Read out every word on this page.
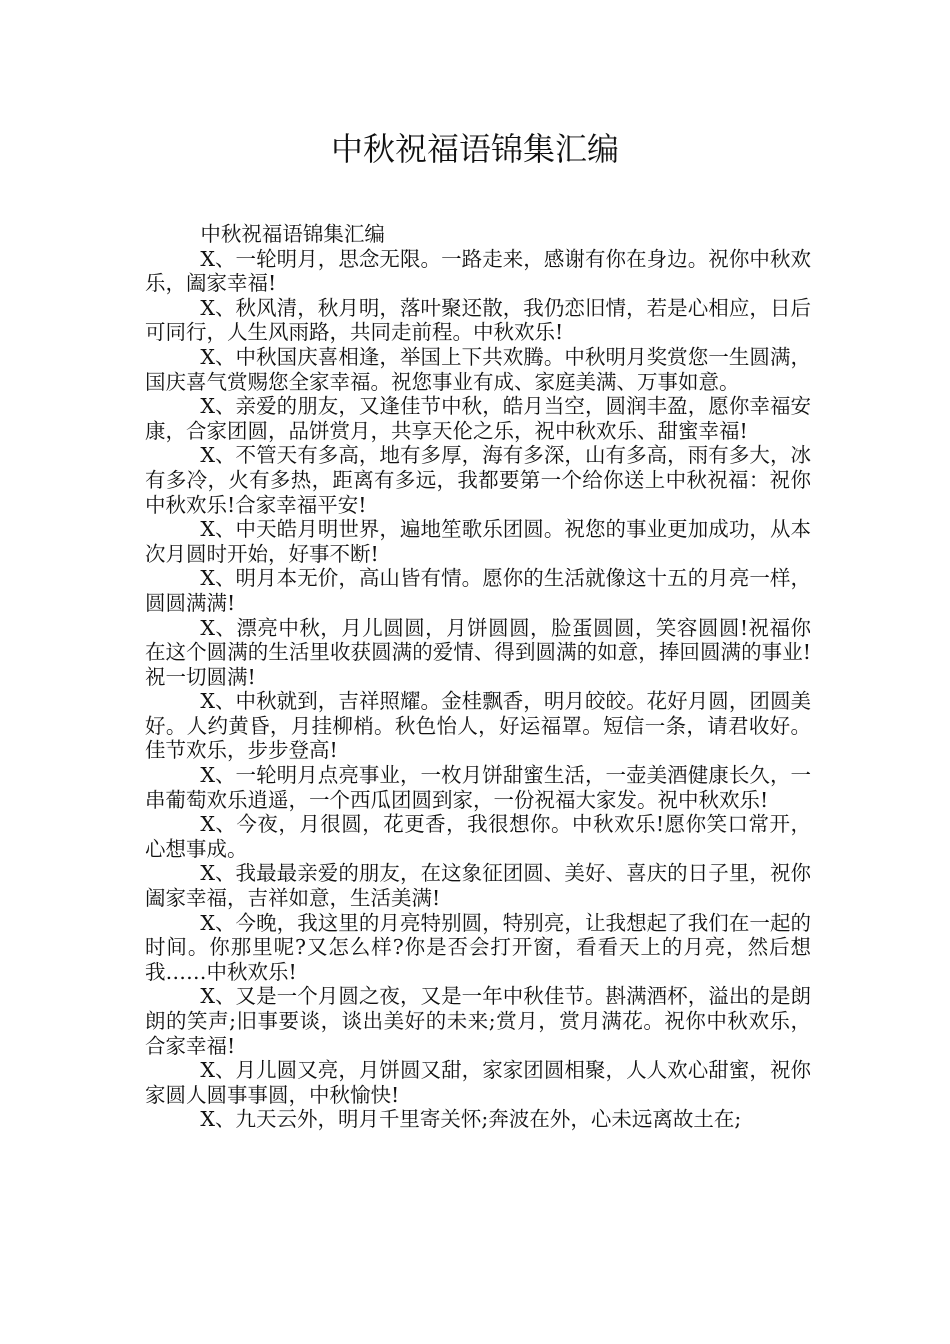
中秋祝福语锦集汇编

中秋祝福语锦集汇编

X、一轮明月，思念无限。一路走来，感谢有你在身边。祝你中秋欢乐，阖家幸福!

X、秋风清，秋月明，落叶聚还散，我仍恋旧情，若是心相应，日后可同行，人生风雨路，共同走前程。中秋欢乐!

X、中秋国庆喜相逢，举国上下共欢腾。中秋明月奖赏您一生圆满，国庆喜气赏赐您全家幸福。祝您事业有成、家庭美满、万事如意。

X、亲爱的朋友，又逢佳节中秋，皓月当空，圆润丰盈，愿你幸福安康，合家团圆，品饼赏月，共享天伦之乐，祝中秋欢乐、甜蜜幸福!

X、不管天有多高，地有多厚，海有多深，山有多高，雨有多大，冰有多冷，火有多热，距离有多远，我都要第一个给你送上中秋祝福：祝你中秋欢乐!合家幸福平安!

X、中天皓月明世界，遍地笙歌乐团圆。祝您的事业更加成功，从本次月圆时开始，好事不断!

X、明月本无价，高山皆有情。愿你的生活就像这十五的月亮一样，圆圆满满!

X、漂亮中秋，月儿圆圆，月饼圆圆，脸蛋圆圆，笑容圆圆!祝福你在这个圆满的生活里收获圆满的爱情、得到圆满的如意，捧回圆满的事业!祝一切圆满!

X、中秋就到，吉祥照耀。金桂飘香，明月皎皎。花好月圆，团圆美好。人约黄昏，月挂柳梢。秋色怡人，好运福罩。短信一条，请君收好。佳节欢乐，步步登高!

X、一轮明月点亮事业，一枚月饼甜蜜生活，一壶美酒健康长久，一串葡萄欢乐逍遥，一个西瓜团圆到家，一份祝福大家发。祝中秋欢乐!

X、今夜，月很圆，花更香，我很想你。中秋欢乐!愿你笑口常开，心想事成。

X、我最最亲爱的朋友，在这象征团圆、美好、喜庆的日子里，祝你阖家幸福，吉祥如意，生活美满!

X、今晚，我这里的月亮特别圆，特别亮，让我想起了我们在一起的时间。你那里呢?又怎么样?你是否会打开窗，看看天上的月亮，然后想我……中秋欢乐!

X、又是一个月圆之夜，又是一年中秋佳节。斟满酒杯，溢出的是朗朗的笑声;旧事要谈，谈出美好的未来;赏月，赏月满花。祝你中秋欢乐，合家幸福!

X、月儿圆又亮，月饼圆又甜，家家团圆相聚，人人欢心甜蜜，祝你家圆人圆事事圆，中秋愉快!

X、九天云外，明月千里寄关怀;奔波在外，心未远离故土在;
